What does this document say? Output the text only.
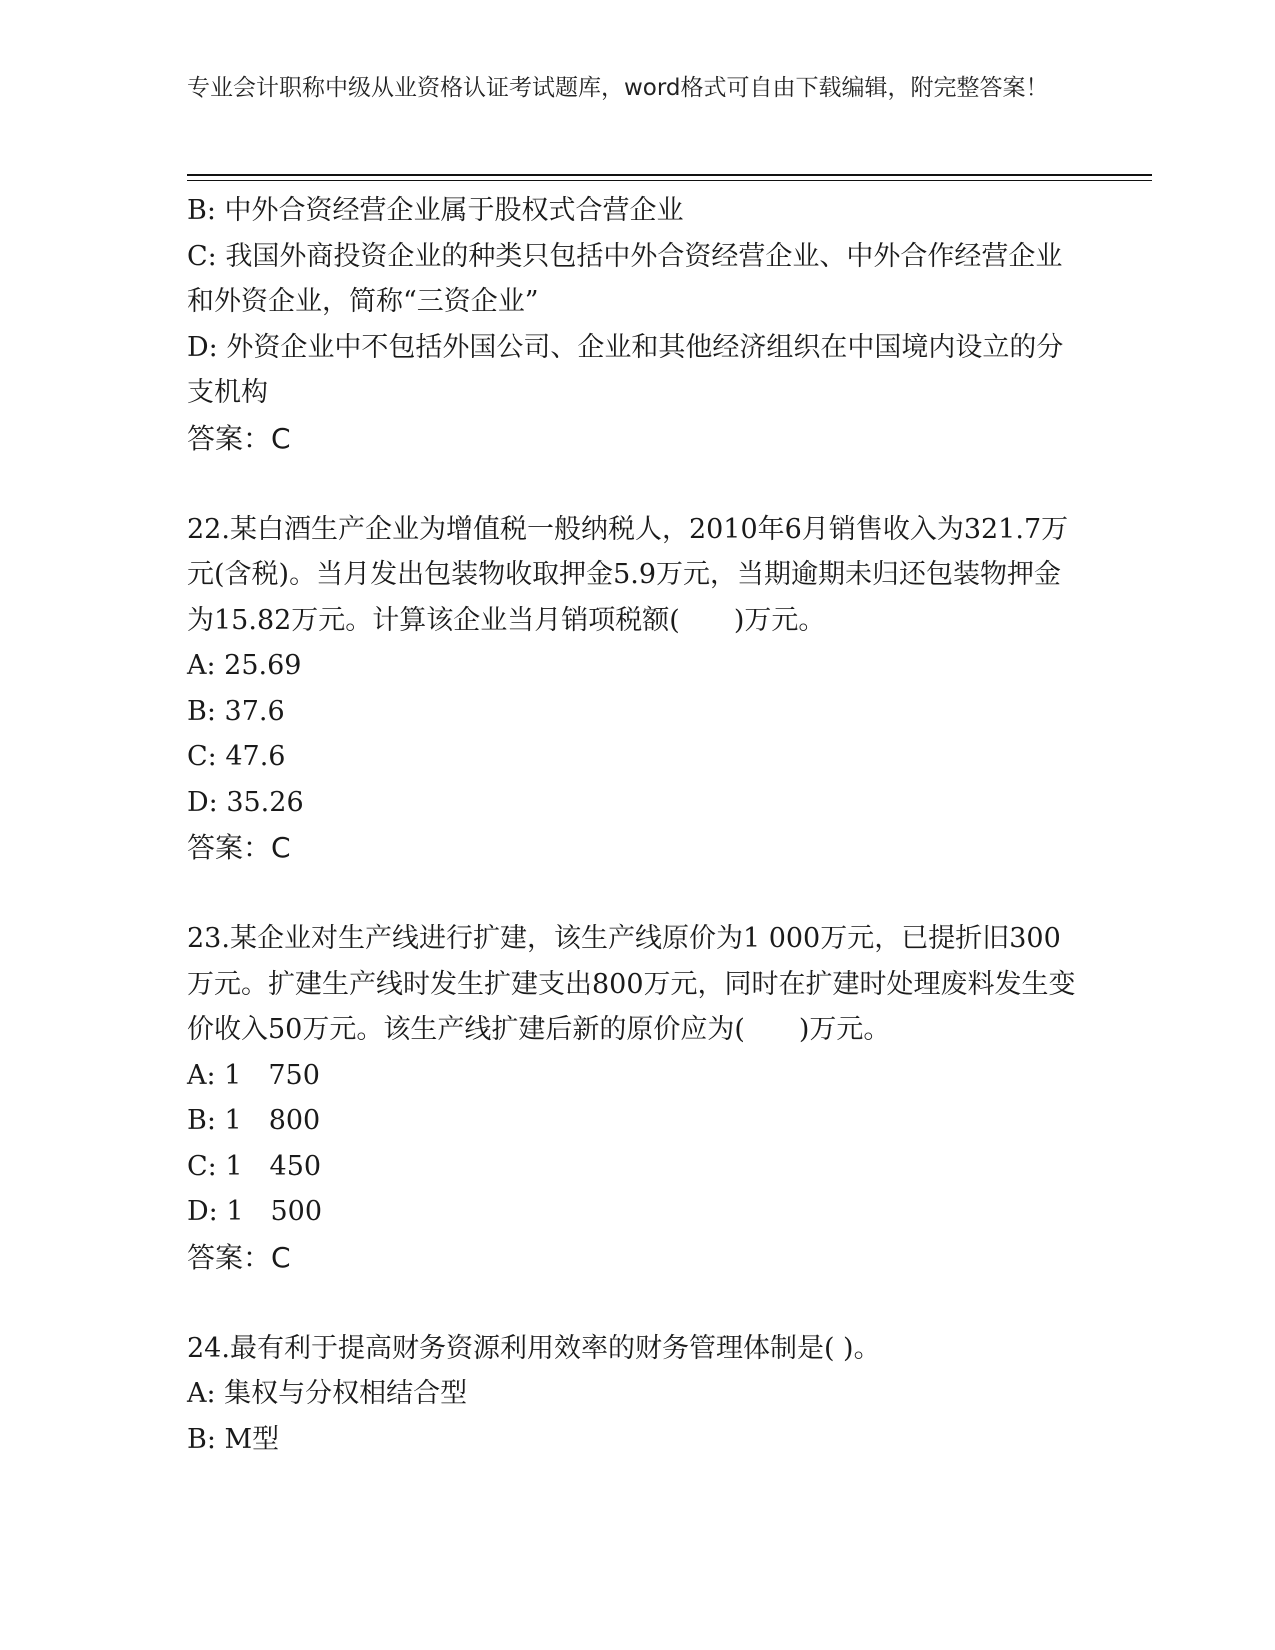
专业会计职称中级从业资格认证考试题库，word格式可自由下载编辑，附完整答案！

B: 中外合资经营企业属于股权式合营企业

C: 我国外商投资企业的种类只包括中外合资经营企业、中外合作经营企业和外资企业，简称“三资企业”

D: 外资企业中不包括外国公司、企业和其他经济组织在中国境内设立的分支机构

答案：C

22.某白酒生产企业为增值税一般纳税人，2010年6月销售收入为321.7万元(含税)。当月发出包装物收取押金5.9万元，当期逾期未归还包装物押金为15.82万元。计算该企业当月销项税额(　　)万元。

A: 25.69

B: 37.6

C: 47.6

D: 35.26

答案：C

23.某企业对生产线进行扩建，该生产线原价为1 000万元，已提折旧300万元。扩建生产线时发生扩建支出800万元，同时在扩建时处理废料发生变价收入50万元。该生产线扩建后新的原价应为(　　)万元。

A: 1　750

B: 1　800

C: 1　450

D: 1　500

答案：C

24.最有利于提高财务资源利用效率的财务管理体制是( )。

A: 集权与分权相结合型

B: M型
